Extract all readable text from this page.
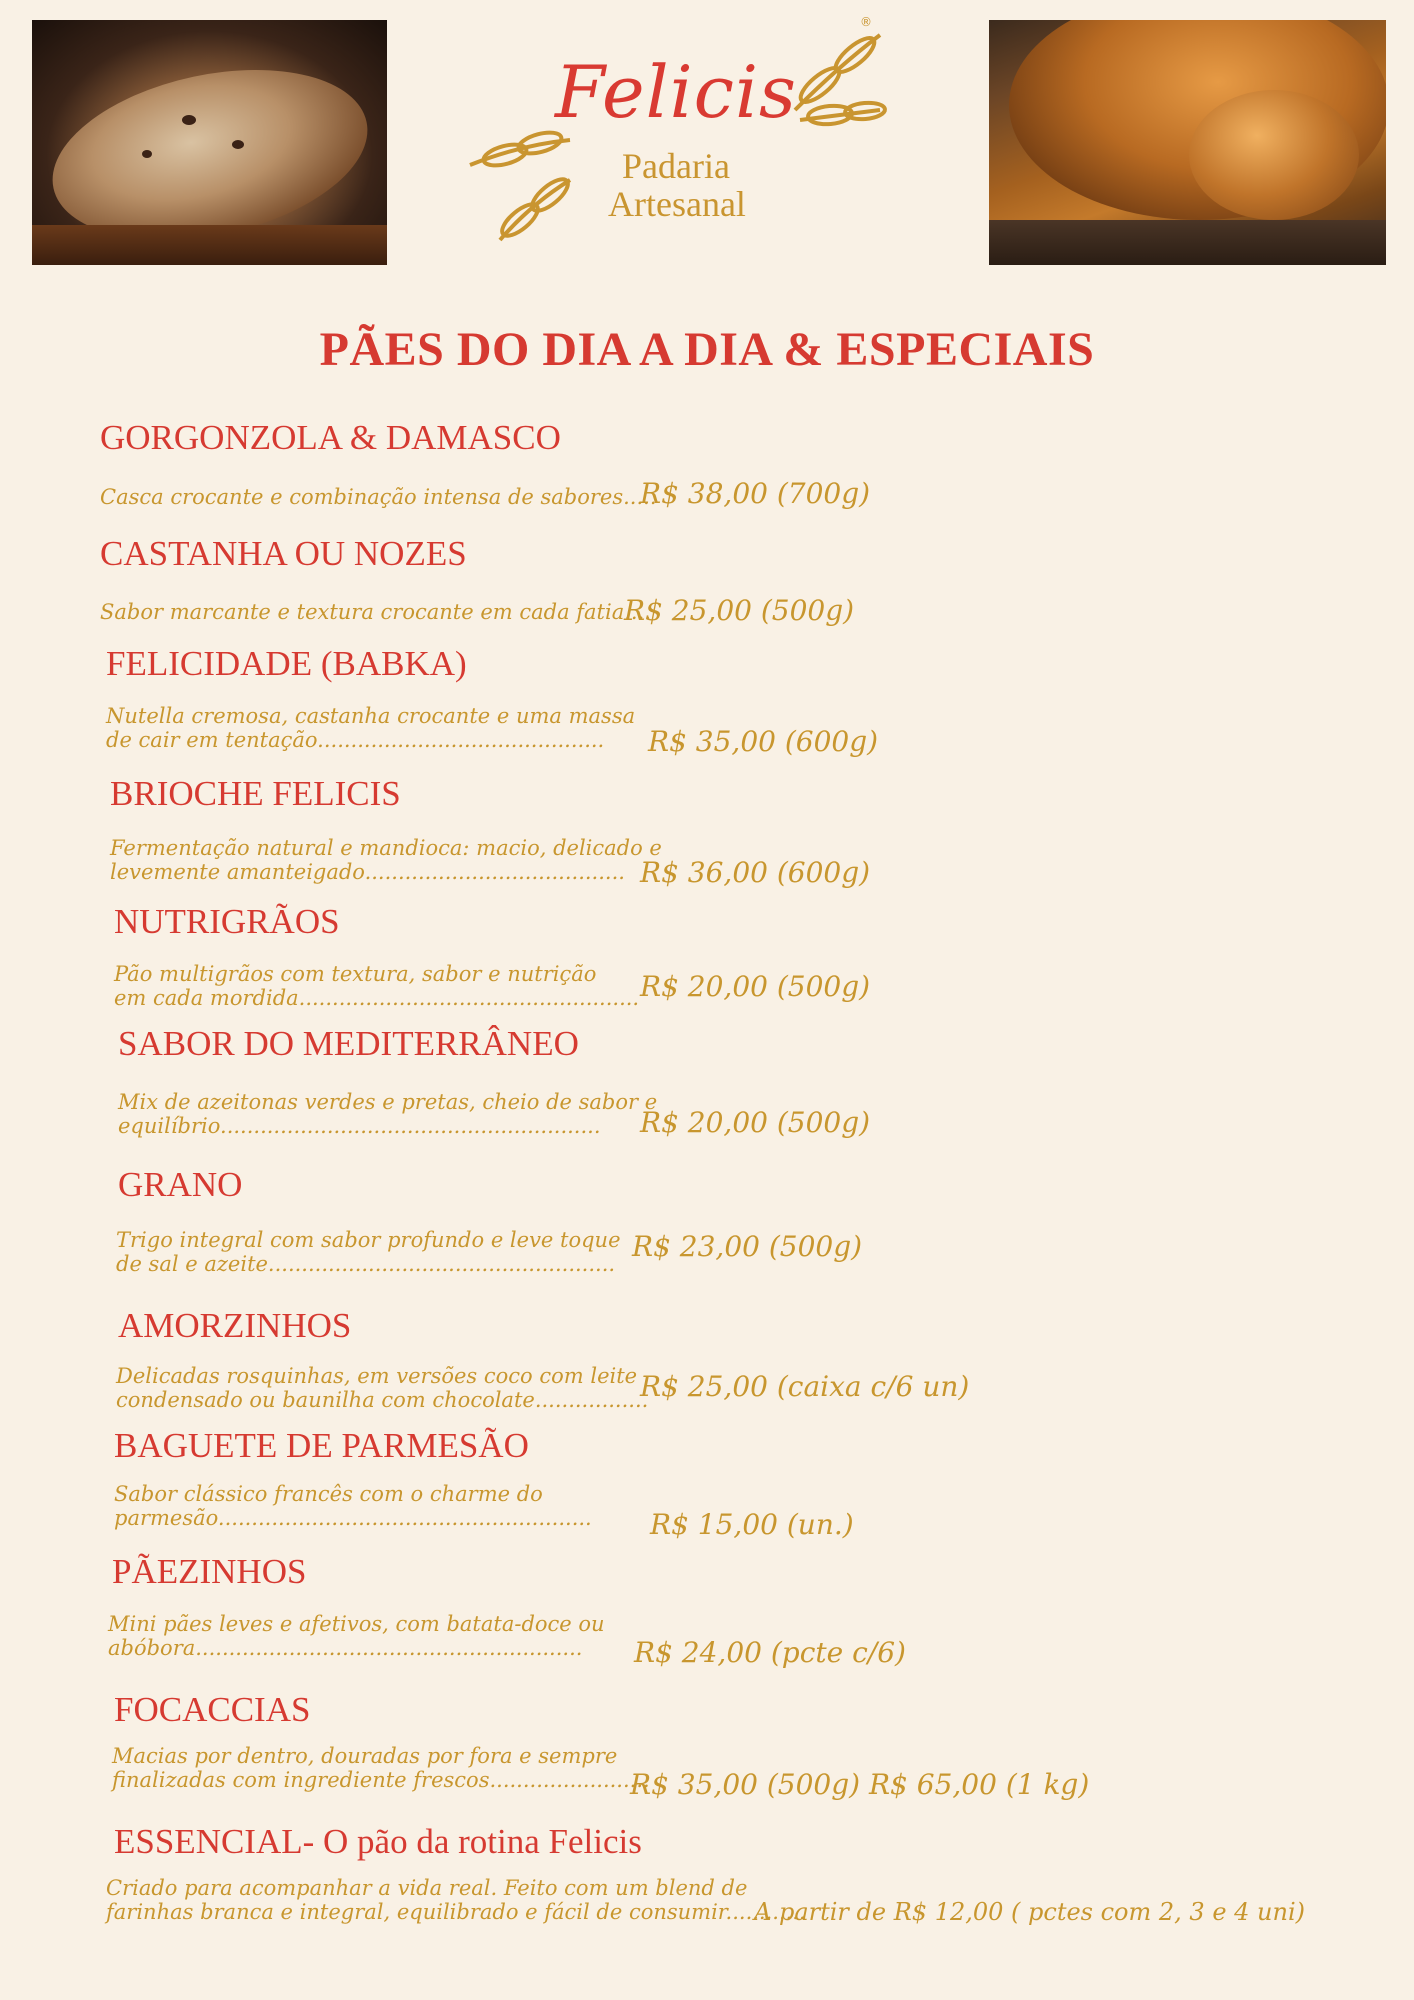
Felicis
Padaria
Artesanal
®
PÃES DO DIA A DIA & ESPECIAIS
GORGONZOLA & DAMASCO
Casca crocante e combinação intensa de sabores.....
R$ 38,00 (700g)
CASTANHA OU NOZES
Sabor marcante e textura crocante em cada fatia....
R$ 25,00 (500g)
FELICIDADE (BABKA)
Nutella cremosa, castanha crocante e uma massa
de cair em tentação...........................................	R$ 35,00 (600g)
BRIOCHE FELICIS
Fermentação natural e mandioca: macio, delicado e
levemente amanteigado....................................... R$ 36,00 (600g)
NUTRIGRÃOS
Pão multigrãos com textura, sabor e nutrição
em cada mordida................................................... R$ 20,00 (500g)
SABOR DO MEDITERRÂNEO
Mix de azeitonas verdes e pretas, cheio de sabor e
equilíbrio.........................................................	R$ 20,00 (500g)
GRANO
Trigo integral com sabor profundo e leve toque
de sal e azeite....................................................
R$ 23,00 (500g)
AMORZINHOS
Delicadas rosquinhas, em versões coco com leite
condensado ou baunilha com chocolate.................
R$ 25,00 (caixa c/6 un)
BAGUETE DE PARMESÃO
Sabor clássico francês com o charme do
parmesão........................................................ R$ 15,00 (un.)
PÃEZINHOS
Mini pães leves e afetivos, com batata-doce ou
abóbora..........................................................	R$ 24,00 (pcte c/6)
FOCACCIAS
Macias por dentro, douradas por fora e sempre
finalizadas com ingrediente frescos........................
R$ 35,00 (500g) R$ 65,00 (1 kg)
ESSENCIAL- O pão da rotina Felicis
Criado para acompanhar a vida real. Feito com um blend de
farinhas branca e integral, equilibrado e fácil de consumir............
A partir de R$ 12,00 ( pctes com 2, 3 e 4 uni)
